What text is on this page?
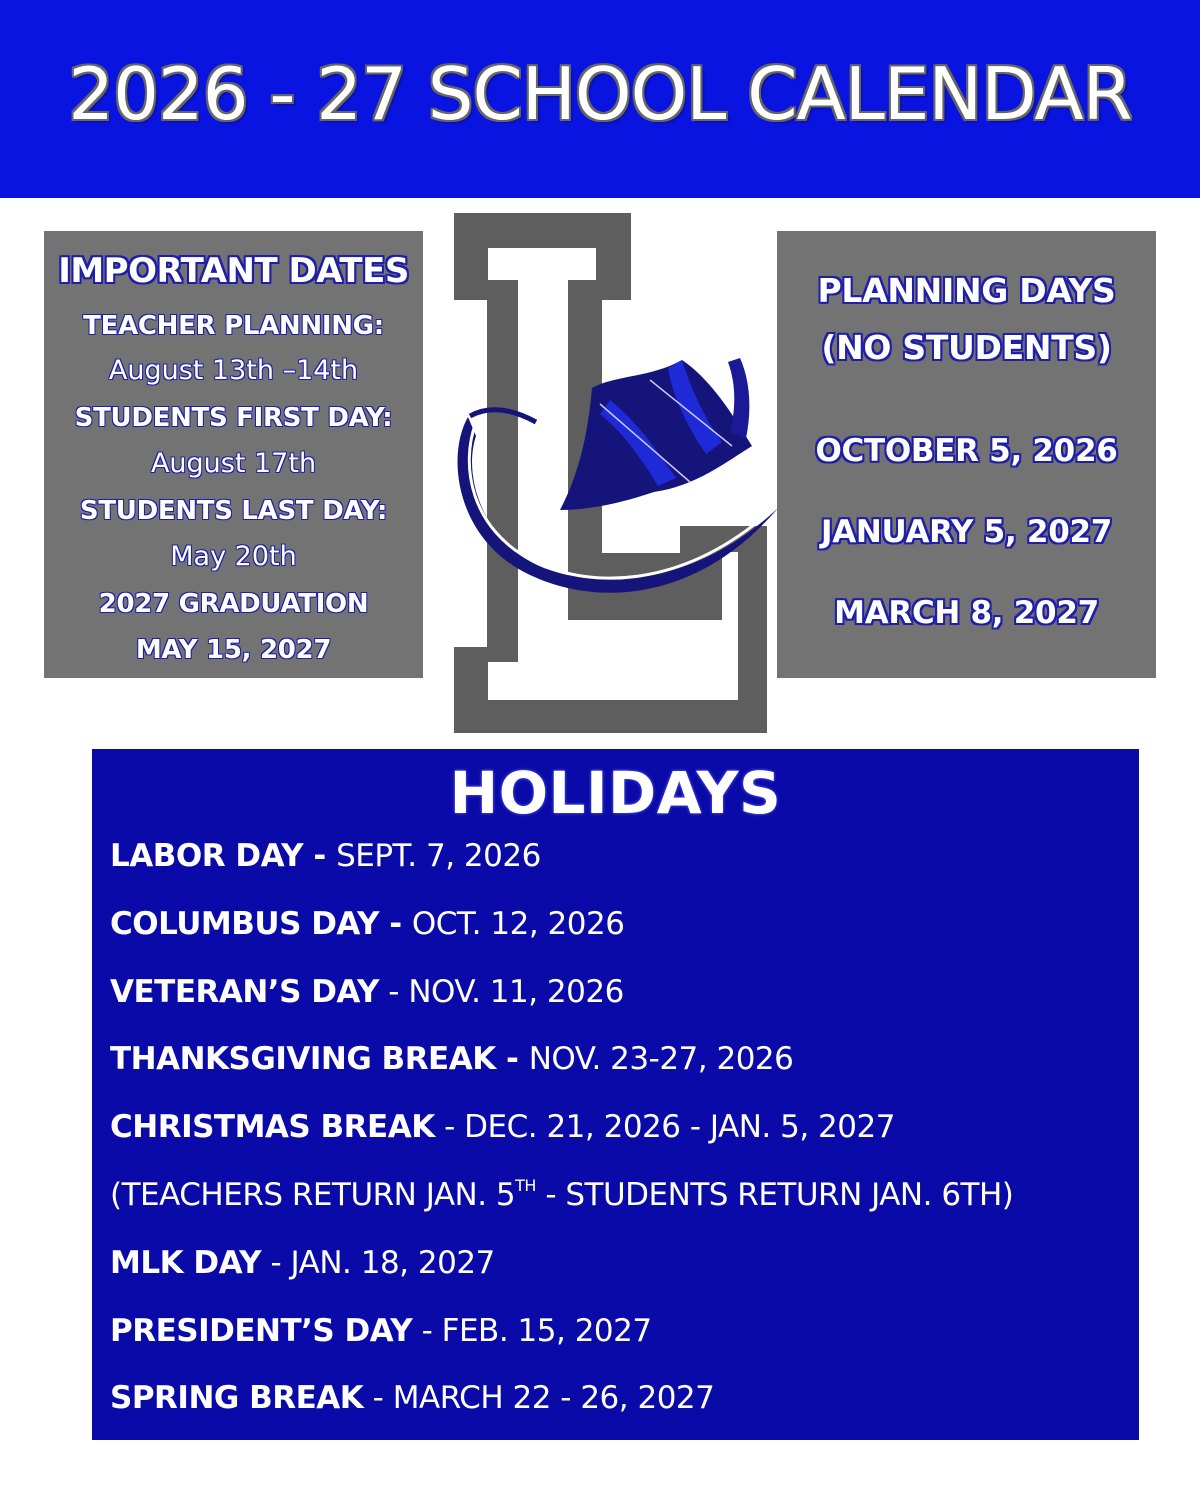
2026 - 27 SCHOOL CALENDAR
IMPORTANT DATES
TEACHER PLANNING:
August 13th –14th
STUDENTS FIRST DAY:
August 17th
STUDENTS LAST DAY:
May 20th
2027 GRADUATION
MAY 15, 2027
PLANNING DAYS
(NO STUDENTS)
OCTOBER 5, 2026
JANUARY 5, 2027
MARCH 8, 2027
HOLIDAYS
LABOR DAY - SEPT. 7, 2026
COLUMBUS DAY - OCT. 12, 2026
VETERAN’S DAY - NOV. 11, 2026
THANKSGIVING BREAK - NOV. 23-27, 2026
CHRISTMAS BREAK - DEC. 21, 2026 - JAN. 5, 2027
(TEACHERS RETURN JAN. 5TH - STUDENTS RETURN JAN. 6TH)
MLK DAY - JAN. 18, 2027
PRESIDENT’S DAY - FEB. 15, 2027
SPRING BREAK - MARCH 22 - 26, 2027
